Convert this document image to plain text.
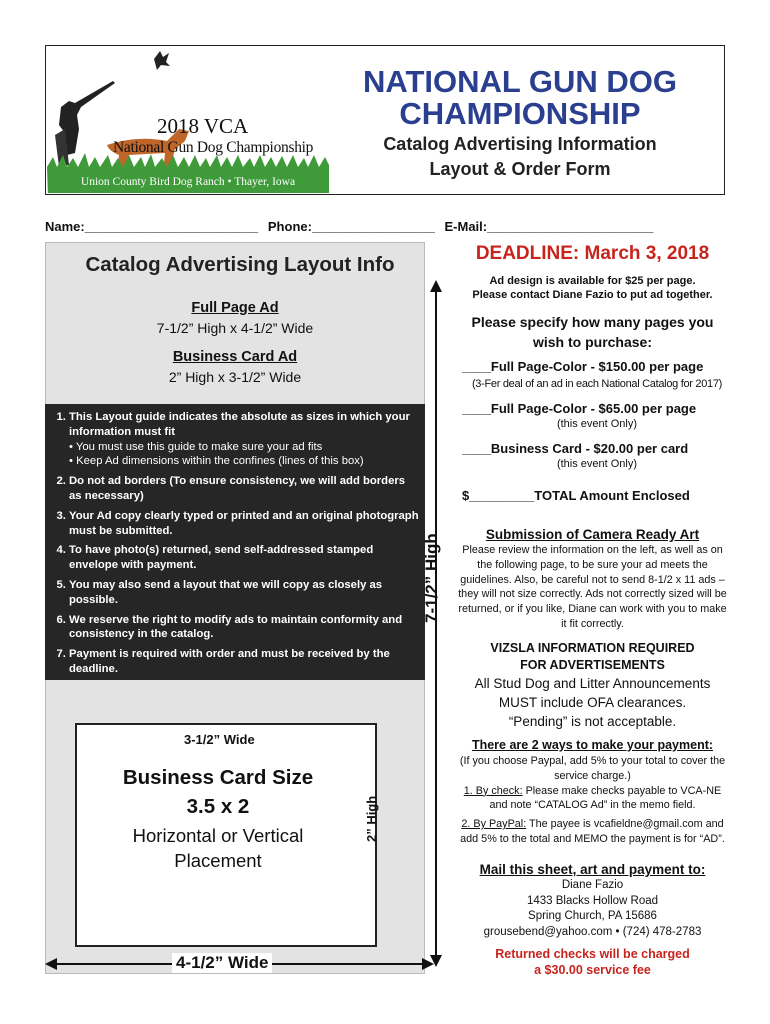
2018 VCA
National Gun Dog Championship
Union County Bird Dog Ranch • Thayer, Iowa
NATIONAL GUN DOG
CHAMPIONSHIP
Catalog Advertising Information
Layout & Order Form
Name:________________________ Phone:_________________ E-Mail:_______________________
Catalog Advertising Layout Info
Full Page Ad
7-1/2” High x 4-1/2” Wide
Business Card Ad
2” High x 3-1/2” Wide
1. This Layout guide indicates the absolute as sizes in which your information must fit
• You must use this guide to make sure your ad fits
• Keep Ad dimensions within the confines (lines of this box)
2. Do not ad borders (To ensure consistency, we will add borders as necessary)
3. Your Ad copy clearly typed or printed and an original photograph must be submitted.
4. To have photo(s) returned, send self-addressed stamped envelope with payment.
5. You may also send a layout that we will copy as closely as possible.
6. We reserve the right to modify ads to maintain conformity and consistency in the catalog.
7. Payment is required with order and must be received by the deadline.
3-1/2” Wide
2” High
Business Card Size
3.5 x 2
Horizontal or Vertical
Placement
7-1/2” High
4-1/2” Wide
DEADLINE: March 3, 2018
Ad design is available for $25 per page.
Please contact Diane Fazio to put ad together.
Please specify how many pages you
wish to purchase:
____Full Page-Color - $150.00 per page
(3-Fer deal of an ad in each National Catalog for 2017)
____Full Page-Color - $65.00 per page
(this event Only)
____Business Card - $20.00 per card
(this event Only)
$_________TOTAL Amount Enclosed
Submission of Camera Ready Art
Please review the information on the left, as well as on the following page, to be sure your ad meets the guidelines. Also, be careful not to send 8-1/2 x 11 ads – they will not size correctly. Ads not correctly sized will be returned, or if you like, Diane can work with you to make it fit correctly.
VIZSLA INFORMATION REQUIRED
FOR ADVERTISEMENTS
All Stud Dog and Litter Announcements
MUST include OFA clearances.
“Pending” is not acceptable.
There are 2 ways to make your payment:
(If you choose Paypal, add 5% to your total to cover the service charge.)
1. By check: Please make checks payable to VCA-NE and note “CATALOG Ad” in the memo field.
2. By PayPal: The payee is vcafieldne@gmail.com and add 5% to the total and MEMO the payment is for “AD”.
Mail this sheet, art and payment to:
Diane Fazio
1433 Blacks Hollow Road
Spring Church, PA 15686
grousebend@yahoo.com • (724) 478-2783
Returned checks will be charged
a $30.00 service fee
